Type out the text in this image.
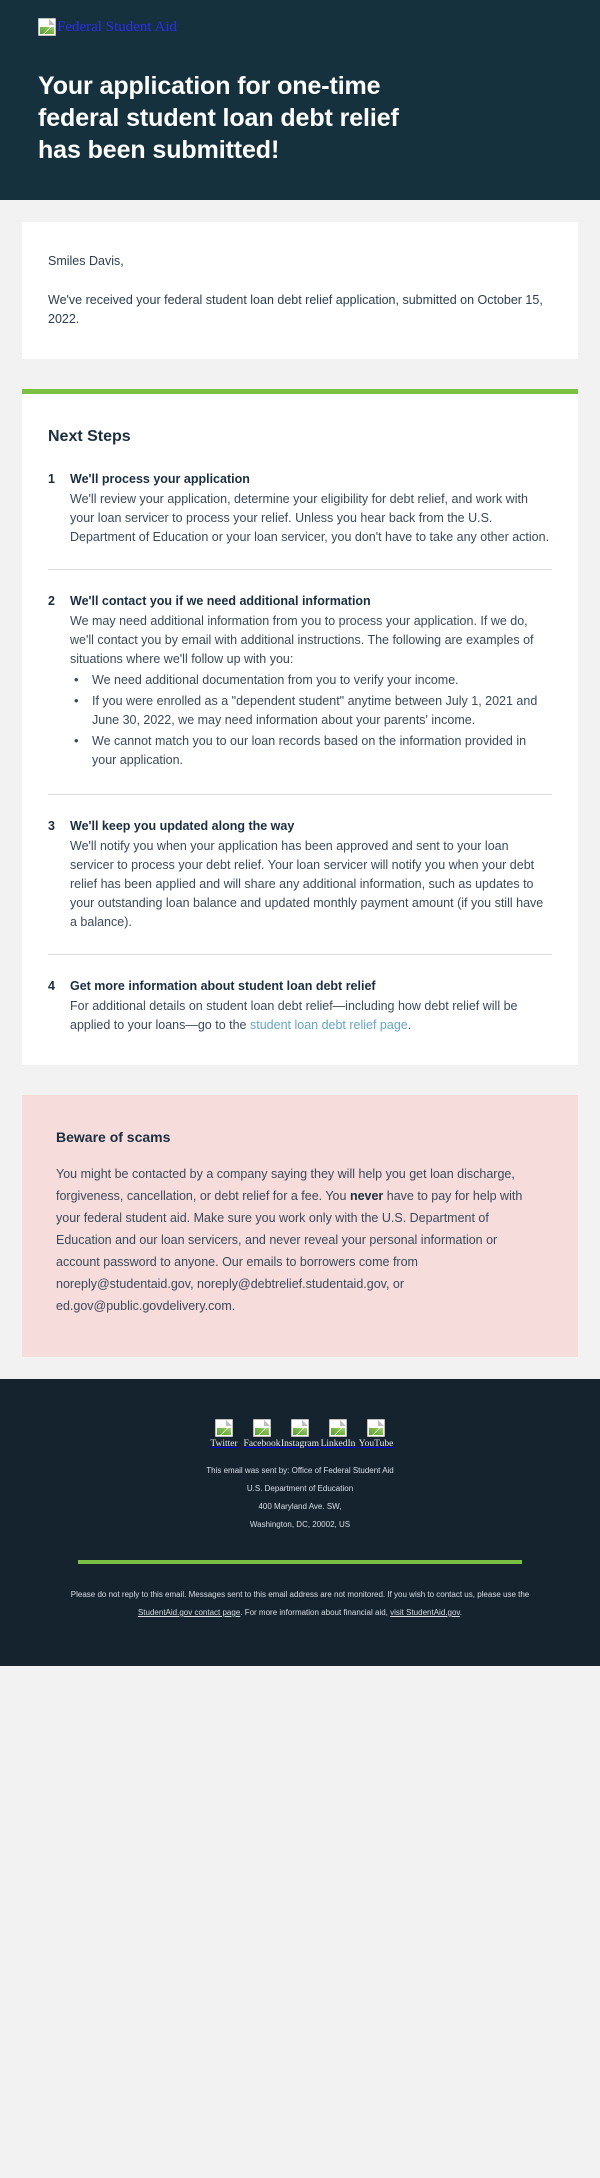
Federal Student Aid
Your application for one-time federal student loan debt relief has been submitted!

Smiles Davis,

We've received your federal student loan debt relief application, submitted on October 15, 2022.

Next Steps
1 We'll process your application

We'll review your application, determine your eligibility for debt relief, and work with your loan servicer to process your relief. Unless you hear back from the U.S. Department of Education or your loan servicer, you don't have to take any other action.

2 We'll contact you if we need additional information

We may need additional information from you to process your application. If we do, we'll contact you by email with additional instructions. The following are examples of situations where we'll follow up with you:

• We need additional documentation from you to verify your income.
• If you were enrolled as a "dependent student" anytime between July 1, 2021 and June 30, 2022, we may need information about your parents' income.
• We cannot match you to our loan records based on the information provided in your application.
3 We'll keep you updated along the way

We'll notify you when your application has been approved and sent to your loan servicer to process your debt relief. Your loan servicer will notify you when your debt relief has been applied and will share any additional information, such as updates to your outstanding loan balance and updated monthly payment amount (if you still have a balance).

4 Get more information about student loan debt relief

For additional details on student loan debt relief—including how debt relief will be applied to your loans—go to the student loan debt relief page.

Beware of scams

You might be contacted by a company saying they will help you get loan discharge, forgiveness, cancellation, or debt relief for a fee. You never have to pay for help with your federal student aid. Make sure you work only with the U.S. Department of Education and our loan servicers, and never reveal your personal information or account password to anyone. Our emails to borrowers come from noreply@studentaid.gov, noreply@debtrelief.studentaid.gov, or ed.gov@public.govdelivery.com.

Twitter Facebook Instagram LinkedIn YouTube
This email was sent by: Office of Federal Student Aid
U.S. Department of Education
400 Maryland Ave. SW,
Washington, DC, 20002, US
Please do not reply to this email. Messages sent to this email address are not monitored. If you wish to contact us, please use the StudentAid.gov contact page. For more information about financial aid, visit StudentAid.gov.
